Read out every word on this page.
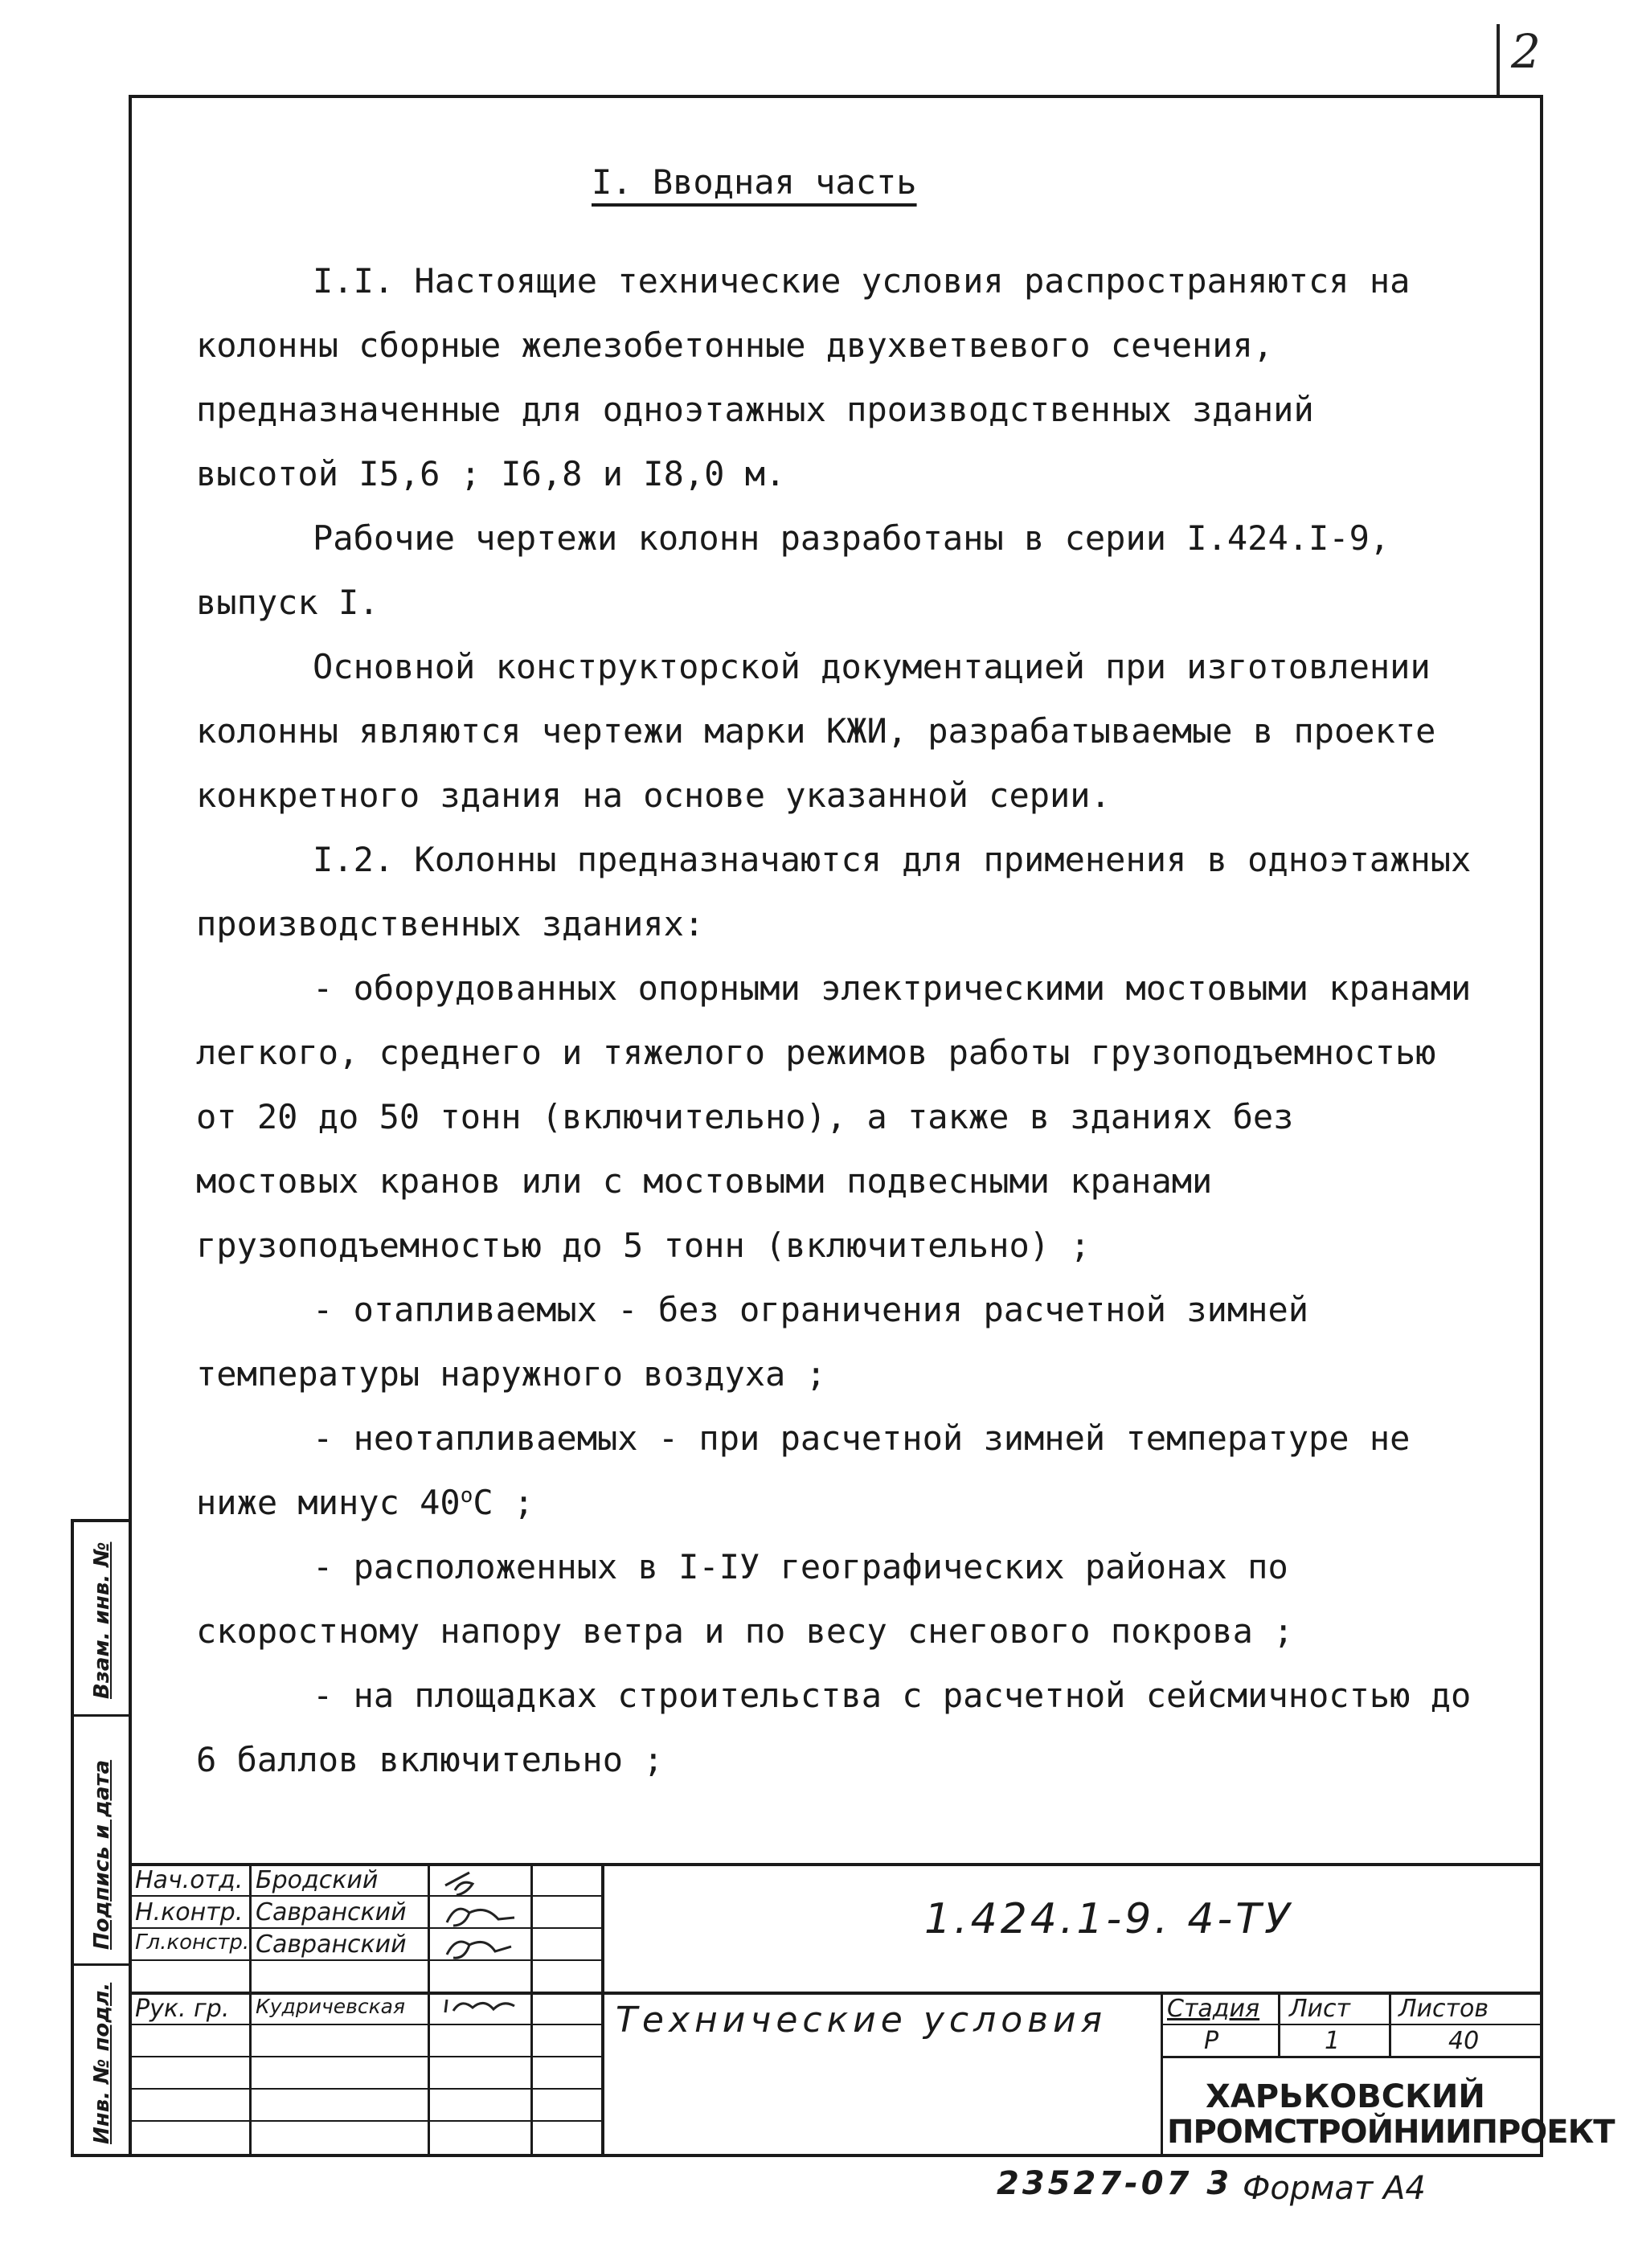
2
Взам. инв. №
Подпись и дата
Инв. № подл.
I. Вводная часть

I.I. Настоящие технические условия распространяются на колонны сборные железобетонные двухветвевого сечения, предназначенные для одноэтажных производственных зданий высотой I5,6 ; I6,8 и I8,0 м.

Рабочие чертежи колонн разработаны в серии I.424.I-9, выпуск I.

Основной конструкторской документацией при изготовлении колонны являются чертежи марки КЖИ, разрабатываемые в проекте конкретного здания на основе указанной серии.

I.2. Колонны предназначаются для применения в одноэтажных производственных зданиях:

- оборудованных опорными электрическими мостовыми кранами легкого, среднего и тяжелого режимов работы грузоподъемностью от 20 до 50 тонн (включительно), а также в зданиях без мостовых кранов или с мостовыми подвесными кранами грузоподъемностью до 5 тонн (включительно) ;

- отапливаемых - без ограничения расчетной зимней температуры наружного воздуха ;

- неотапливаемых - при расчетной зимней температуре не ниже минус $40^оС$ ;

- расположенных в I-IУ географических районах по скоростному напору ветра и по весу снегового покрова ;

- на площадках строительства с расчетной сейсмичностью до 6 баллов включительно ;

Нач.отд.
Н.контр.
Гл.констр.
Рук. гр.
Бродский
Савранский
Савранский
Кудричевская
1.424.1-9. 4-ТУ
Технические условия Стадия Лист Листов
Р	1	40
ХАРЬКОВСКИЙ
ПРОМСТРОЙНИИПРОЕКТ
23527-07 3 Формат А4
